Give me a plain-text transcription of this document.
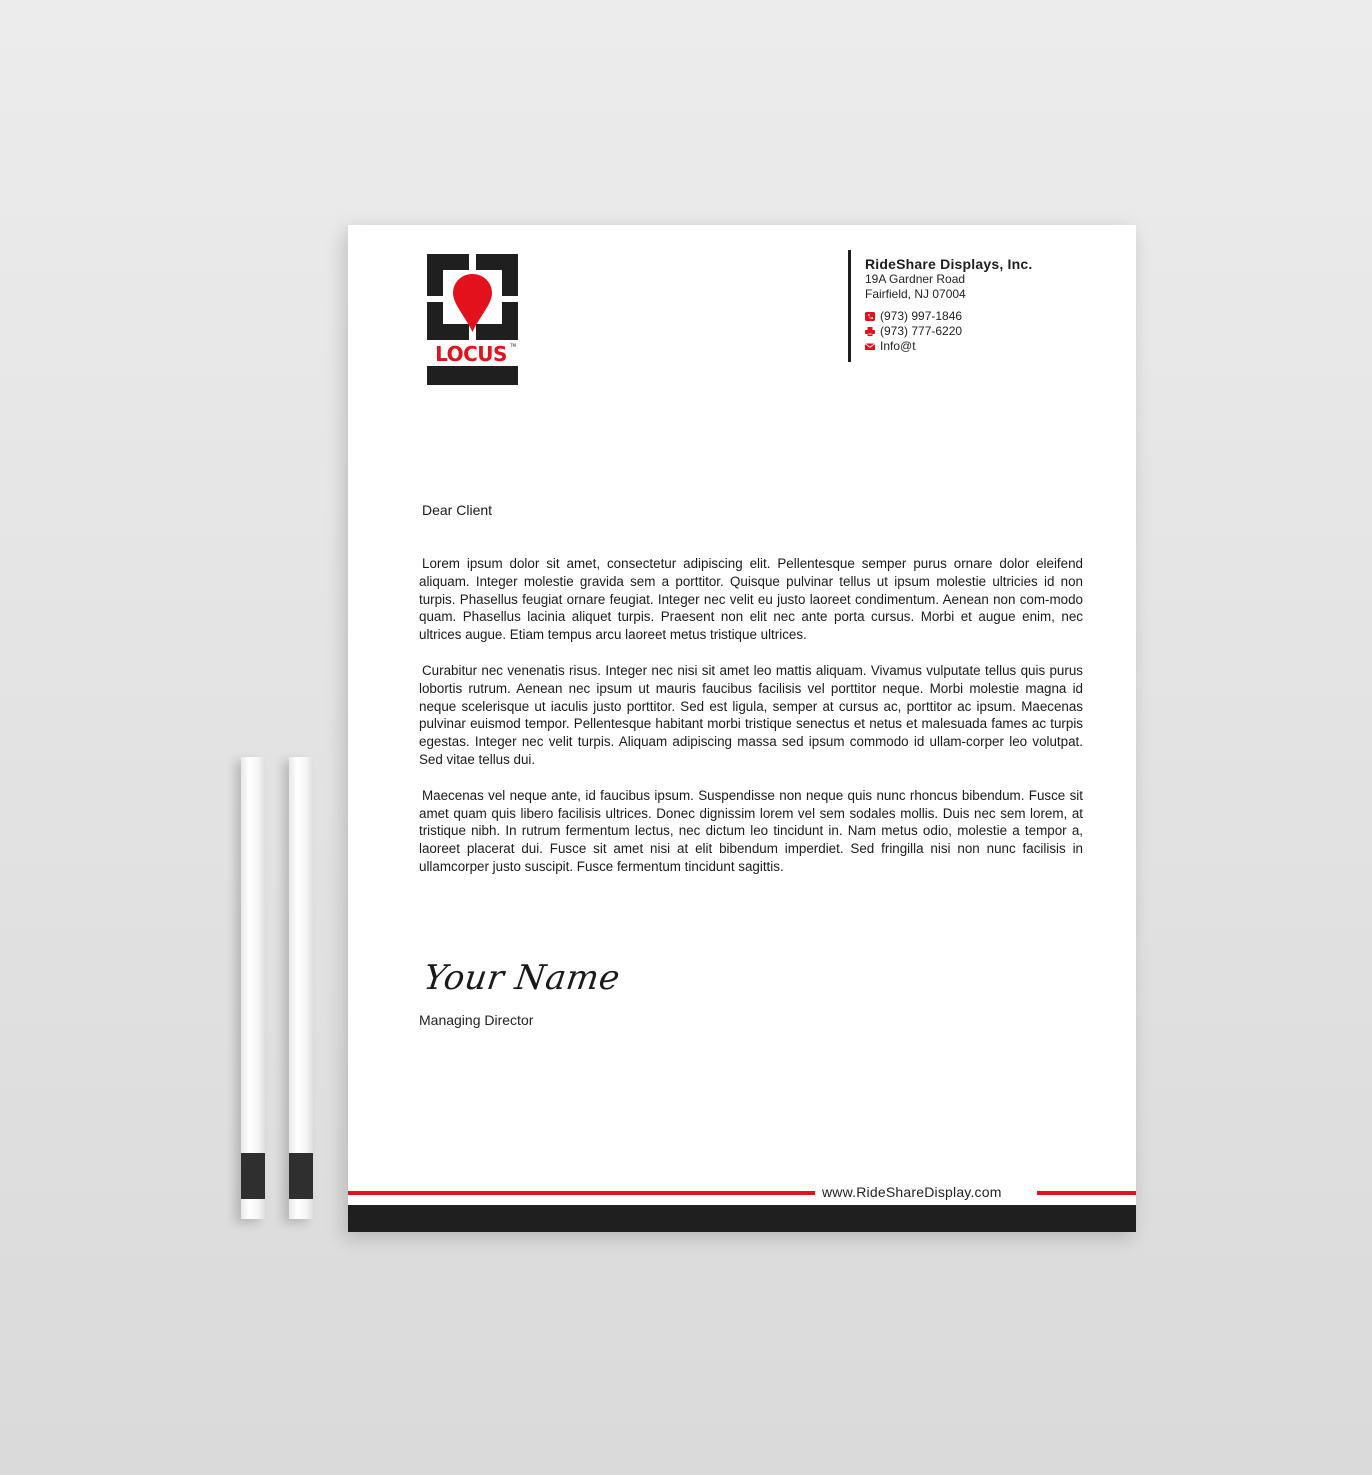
LOCUS TM
RideShare Displays, Inc.
19A Gardner Road
Fairfield, NJ 07004
(973) 997-1846
(973) 777-6220
Info@t
Dear Client

Lorem ipsum dolor sit amet, consectetur adipiscing elit. Pellentesque semper purus ornare dolor eleifend aliquam. Integer molestie gravida sem a porttitor. Quisque pulvinar tellus ut ipsum molestie ultricies id non turpis. Phasellus feugiat ornare feugiat. Integer nec velit eu justo laoreet condimentum. Aenean non com-modo quam. Phasellus lacinia aliquet turpis. Praesent non elit nec ante porta cursus. Morbi et augue enim, nec ultrices augue. Etiam tempus arcu laoreet metus tristique ultrices.

Curabitur nec venenatis risus. Integer nec nisi sit amet leo mattis aliquam. Vivamus vulputate tellus quis purus lobortis rutrum. Aenean nec ipsum ut mauris faucibus facilisis vel porttitor neque. Morbi molestie magna id neque scelerisque ut iaculis justo porttitor. Sed est ligula, semper at cursus ac, porttitor ac ipsum. Maecenas pulvinar euismod tempor. Pellentesque habitant morbi tristique senectus et netus et malesuada fames ac turpis egestas. Integer nec velit turpis. Aliquam adipiscing massa sed ipsum commodo id ullam-corper leo volutpat. Sed vitae tellus dui.

Maecenas vel neque ante, id faucibus ipsum. Suspendisse non neque quis nunc rhoncus bibendum. Fusce sit amet quam quis libero facilisis ultrices. Donec dignissim lorem vel sem sodales mollis. Duis nec sem lorem, at tristique nibh. In rutrum fermentum lectus, nec dictum leo tincidunt in. Nam metus odio, molestie a tempor a, laoreet placerat dui. Fusce sit amet nisi at elit bibendum imperdiet. Sed fringilla nisi non nunc facilisis in ullamcorper justo suscipit. Fusce fermentum tincidunt sagittis.

Your Name
Managing Director
www.RideShareDisplay.com
